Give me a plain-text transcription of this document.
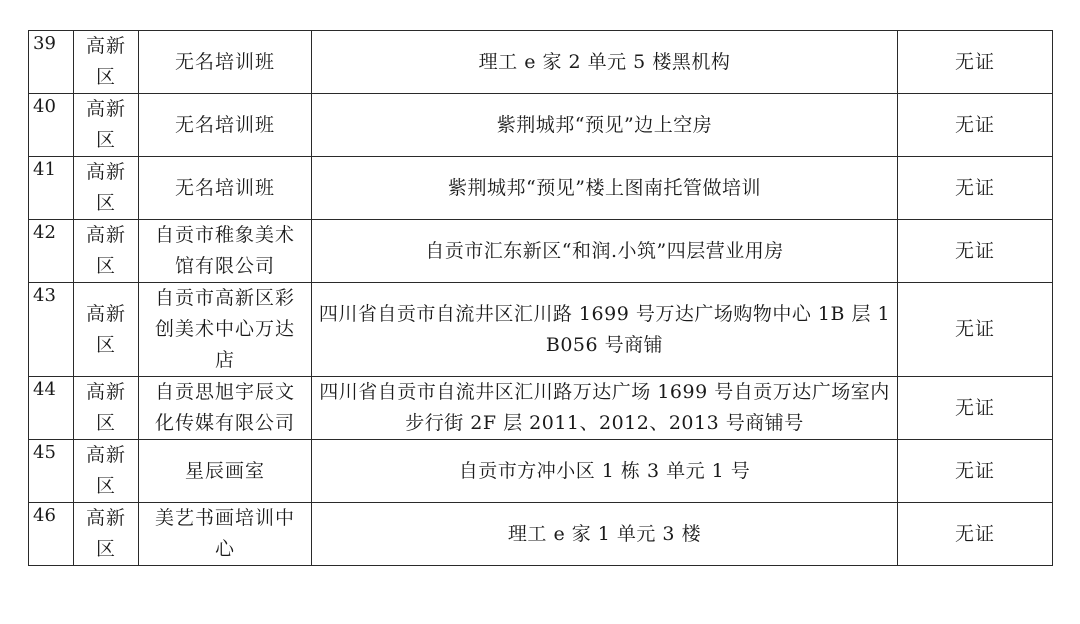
39	高新区	无名培训班	理工 e 家 2 单元 5 楼黑机构	无证
40	高新区	无名培训班	紫荆城邦“预见”边上空房	无证
41	高新区	无名培训班	紫荆城邦“预见”楼上图南托管做培训	无证
42	高新区	自贡市稚象美术馆有限公司	自贡市汇东新区“和润.小筑”四层营业用房	无证
43	高新区	自贡市高新区彩创美术中心万达店	四川省自贡市自流井区汇川路 1699 号万达广场购物中心 1B 层 1B056 号商铺	无证
44	高新区	自贡思旭宇辰文化传媒有限公司	四川省自贡市自流井区汇川路万达广场 1699 号自贡万达广场室内步行街 2F 层 2011、2012、2013 号商铺号	无证
45	高新区	星辰画室	自贡市方冲小区 1 栋 3 单元 1 号	无证
46	高新区	美艺书画培训中心	理工 e 家 1 单元 3 楼	无证
